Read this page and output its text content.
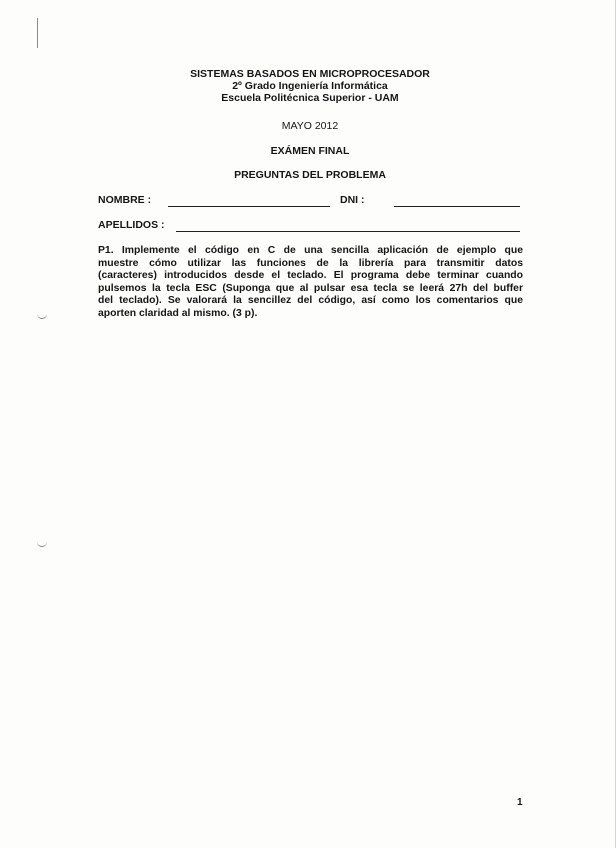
SISTEMAS BASADOS EN MICROPROCESADOR
2º Grado Ingeniería Informática
Escuela Politécnica Superior - UAM
MAYO 2012
EXÁMEN FINAL
PREGUNTAS DEL PROBLEMA
NOMBRE :	DNI :
APELLIDOS :
P1. Implemente el código en C de una sencilla aplicación de ejemplo que
muestre cómo utilizar las funciones de la librería para transmitir datos
(caracteres) introducidos desde el teclado. El programa debe terminar cuando
pulsemos la tecla ESC (Suponga que al pulsar esa tecla se leerá 27h del buffer
del teclado). Se valorará la sencillez del código, así como los comentarios que
aporten claridad al mismo. (3 p).
1
